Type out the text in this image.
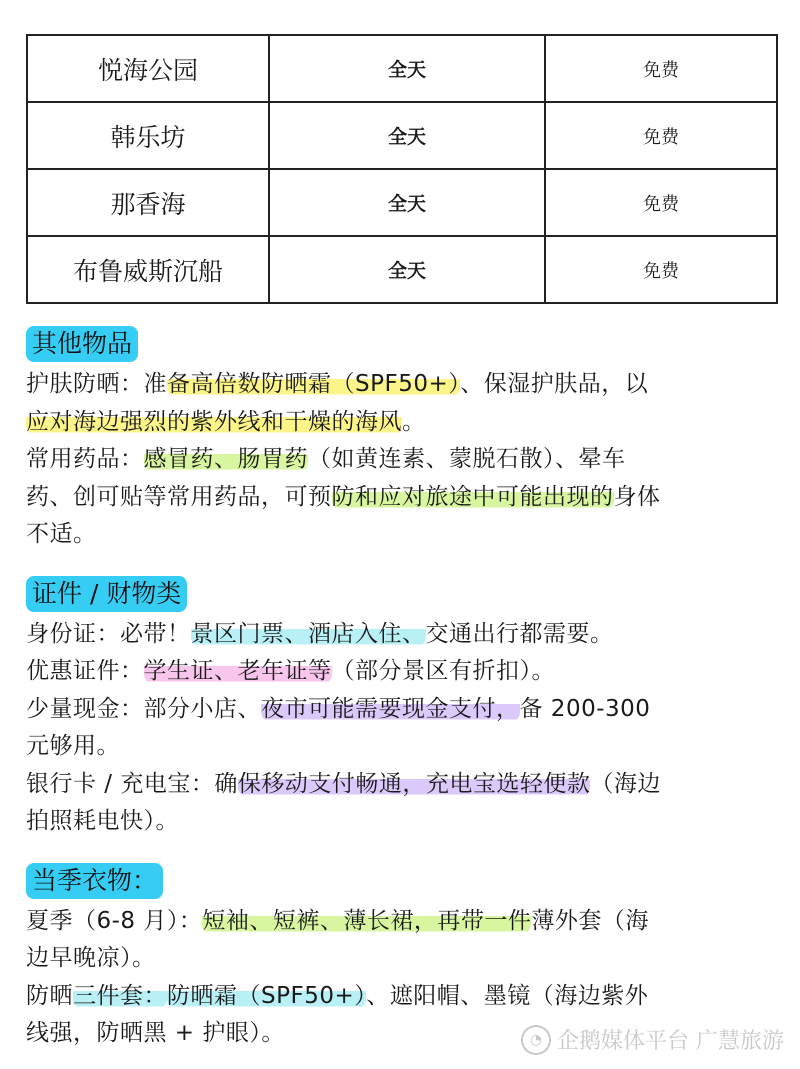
悦海公园	全天	免费
韩乐坊	全天	免费
那香海	全天	免费
布鲁威斯沉船	全天	免费
其他物品

护肤防晒：准备高倍数防晒霜（SPF50+）、保湿护肤品，以
应对海边强烈的紫外线和干燥的海风。

常用药品：感冒药、肠胃药（如黄连素、蒙脱石散）、晕车
药、创可贴等常用药品，可预防和应对旅途中可能出现的身体
不适。

证件 / 财物类

身份证：必带！景区门票、酒店入住、交通出行都需要。

优惠证件：学生证、老年证等（部分景区有折扣）。

少量现金：部分小店、夜市可能需要现金支付，备 200-300
元够用。

银行卡 / 充电宝：确保移动支付畅通，充电宝选轻便款（海边
拍照耗电快）。

当季衣物：

夏季（6-8 月）：短袖、短裤、薄长裙，再带一件薄外套（海
边早晚凉）。

防晒三件套：防晒霜（SPF50+）、遮阳帽、墨镜（海边紫外
线强，防晒黑 + 护眼）。	◔ 企鹅媒体平台 广慧旅游
